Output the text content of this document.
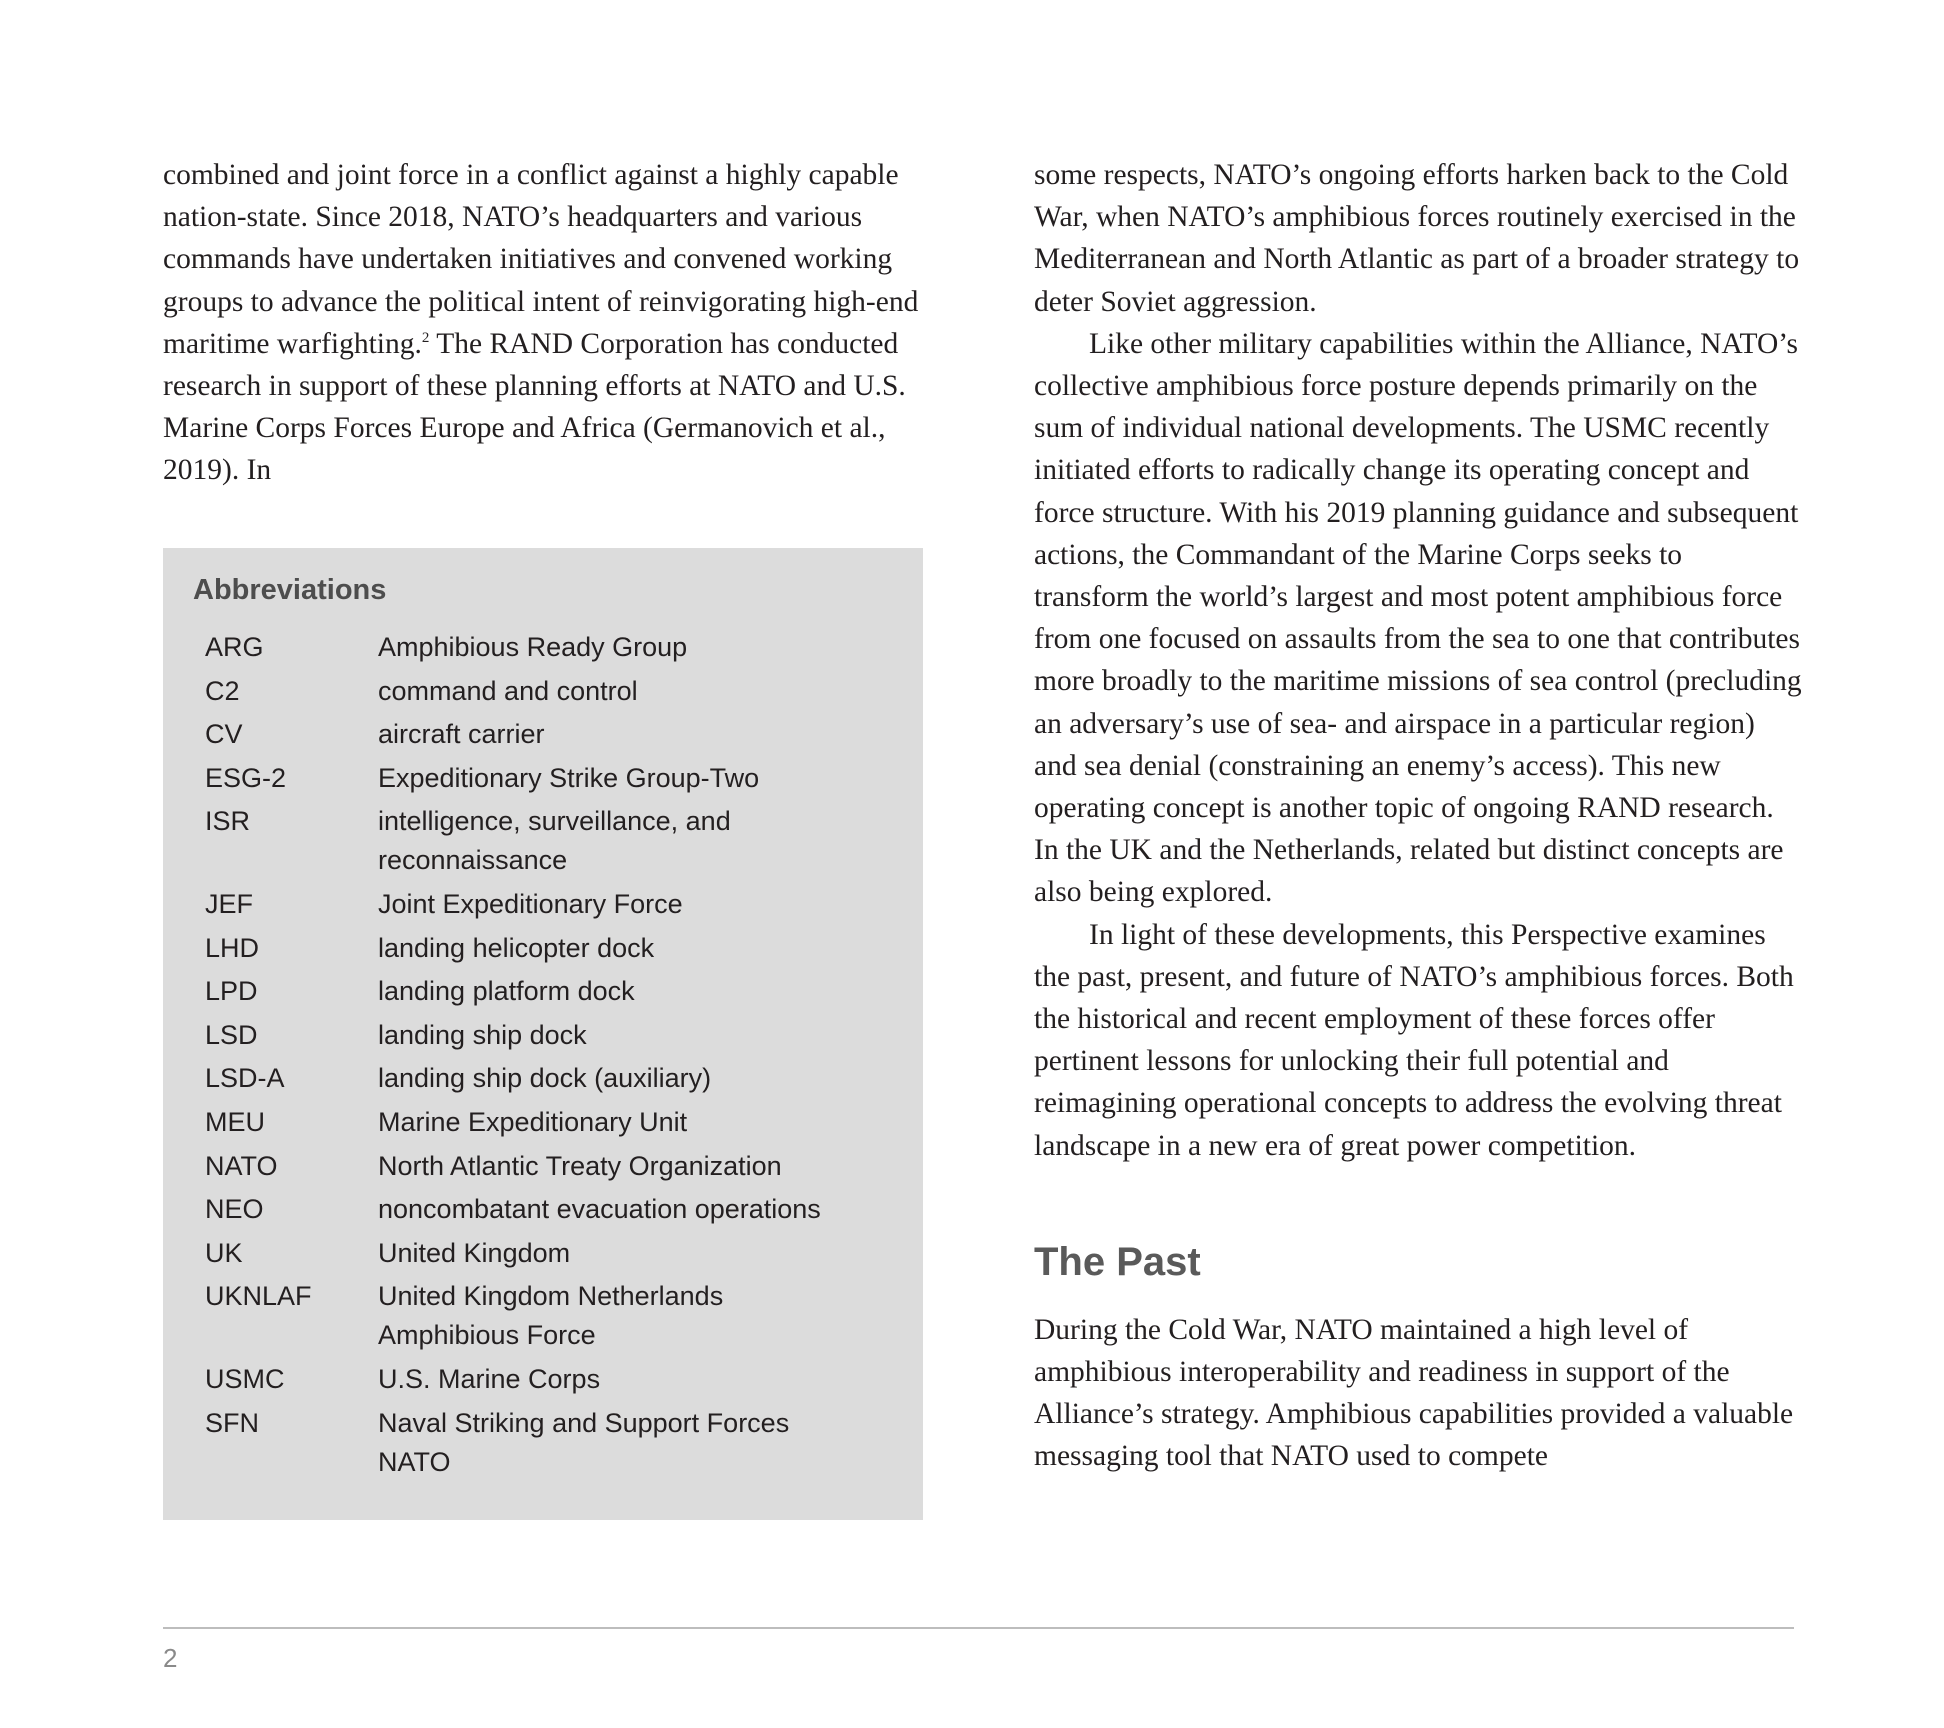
combined and joint force in a conflict against a highly capable nation-state. Since 2018, NATO’s headquarters and various commands have undertaken initiatives and convened working groups to advance the political intent of reinvigorating high-end maritime warfighting.$^2$ The RAND Corporation has conducted research in support of these planning efforts at NATO and U.S. Marine Corps Forces Europe and Africa (Germanovich et al., 2019). In

Abbreviations
ARG	Amphibious Ready Group
C2	command and control
CV	aircraft carrier
ESG-2	Expeditionary Strike Group-Two
ISR	intelligence, surveillance, and reconnaissance
JEF	Joint Expeditionary Force
LHD	landing helicopter dock
LPD	landing platform dock
LSD	landing ship dock
LSD-A	landing ship dock (auxiliary)
MEU	Marine Expeditionary Unit
NATO	North Atlantic Treaty Organization
NEO	noncombatant evacuation operations
UK	United Kingdom
UKNLAF	United Kingdom Netherlands Amphibious Force
USMC	U.S. Marine Corps
SFN	Naval Striking and Support Forces NATO

some respects, NATO’s ongoing efforts harken back to the Cold War, when NATO’s amphibious forces routinely exercised in the Mediterranean and North Atlantic as part of a broader strategy to deter Soviet aggression.

Like other military capabilities within the Alliance, NATO’s collective amphibious force posture depends primarily on the sum of individual national developments. The USMC recently initiated efforts to radically change its operating concept and force structure. With his 2019 planning guidance and subsequent actions, the Commandant of the Marine Corps seeks to transform the world’s largest and most potent amphibious force from one focused on assaults from the sea to one that contributes more broadly to the maritime missions of sea control (precluding an adversary’s use of sea- and airspace in a particular region) and sea denial (constraining an enemy’s access). This new operating concept is another topic of ongoing RAND research. In the UK and the Netherlands, related but distinct concepts are also being explored.

In light of these developments, this Perspective examines the past, present, and future of NATO’s amphibious forces. Both the historical and recent employment of these forces offer pertinent lessons for unlocking their full potential and reimagining operational concepts to address the evolving threat landscape in a new era of great power competition.

The Past

During the Cold War, NATO maintained a high level of amphibious interoperability and readiness in support of the Alliance’s strategy. Amphibious capabilities provided a valuable messaging tool that NATO used to compete

2
